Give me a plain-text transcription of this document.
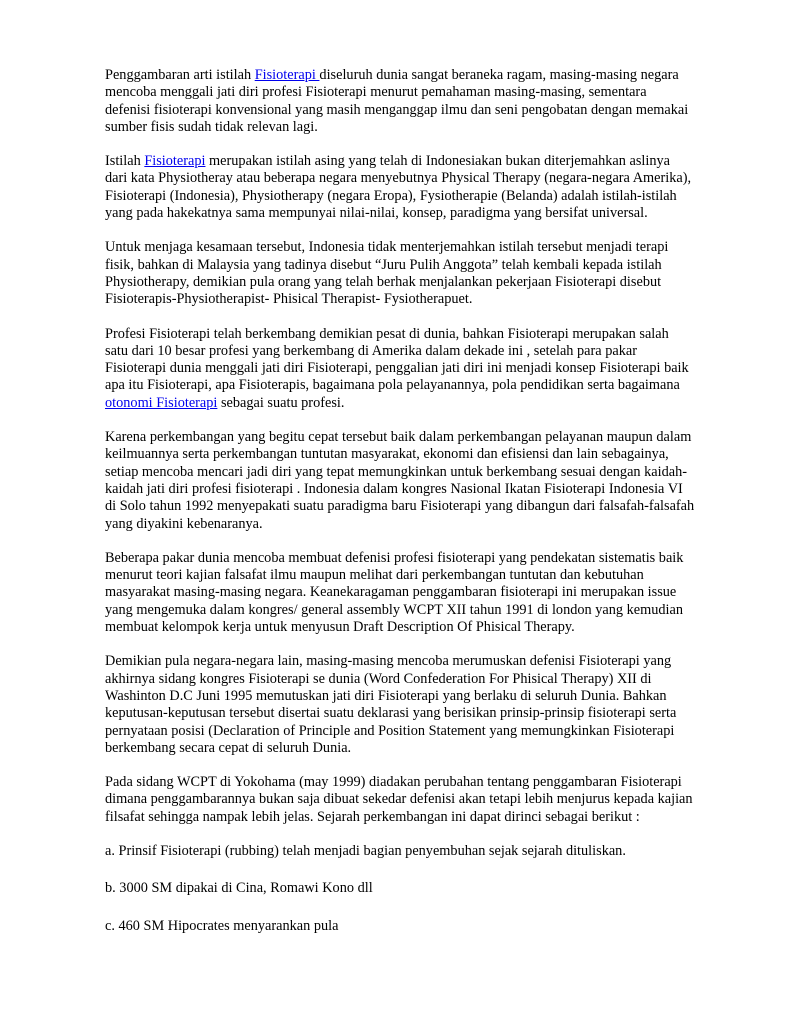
Penggambaran arti istilah Fisioterapi diseluruh dunia sangat beraneka ragam, masing-masing negara mencoba menggali jati diri profesi Fisioterapi menurut pemahaman masing-masing, sementara defenisi fisioterapi konvensional yang masih menganggap ilmu dan seni pengobatan dengan memakai sumber fisis sudah tidak relevan lagi.

Istilah Fisioterapi merupakan istilah asing yang telah di Indonesiakan bukan diterjemahkan aslinya dari kata Physiotheray atau beberapa negara menyebutnya Physical Therapy (negara-negara Amerika), Fisioterapi (Indonesia), Physiotherapy (negara Eropa), Fysiotherapie (Belanda) adalah istilah-istilah yang pada hakekatnya sama mempunyai nilai-nilai, konsep, paradigma yang bersifat universal.

Untuk menjaga kesamaan tersebut, Indonesia tidak menterjemahkan istilah tersebut menjadi terapi fisik, bahkan di Malaysia yang tadinya disebut “Juru Pulih Anggota” telah kembali kepada istilah Physiotherapy, demikian pula orang yang telah berhak menjalankan pekerjaan Fisioterapi disebut Fisioterapis-Physiotherapist- Phisical Therapist- Fysiotherapuet.

Profesi Fisioterapi telah berkembang demikian pesat di dunia, bahkan Fisioterapi merupakan salah satu dari 10 besar profesi yang berkembang di Amerika dalam dekade ini , setelah para pakar Fisioterapi dunia menggali jati diri Fisioterapi, penggalian jati diri ini menjadi konsep Fisioterapi baik apa itu Fisioterapi, apa Fisioterapis, bagaimana pola pelayanannya, pola pendidikan serta bagaimana otonomi Fisioterapi sebagai suatu profesi.

Karena perkembangan yang begitu cepat tersebut baik dalam perkembangan pelayanan maupun dalam keilmuannya serta perkembangan tuntutan masyarakat, ekonomi dan efisiensi dan lain sebagainya, setiap mencoba mencari jadi diri yang tepat memungkinkan untuk berkembang sesuai dengan kaidah-kaidah jati diri profesi fisioterapi . Indonesia dalam kongres Nasional Ikatan Fisioterapi Indonesia VI di Solo tahun 1992 menyepakati suatu paradigma baru Fisioterapi yang dibangun dari falsafah-falsafah yang diyakini kebenaranya.

Beberapa pakar dunia mencoba membuat defenisi profesi fisioterapi yang pendekatan sistematis baik menurut teori kajian falsafat ilmu maupun melihat dari perkembangan tuntutan dan kebutuhan masyarakat masing-masing negara. Keanekaragaman penggambaran fisioterapi ini merupakan issue yang mengemuka dalam kongres/ general assembly WCPT XII tahun 1991 di london yang kemudian membuat kelompok kerja untuk menyusun Draft Description Of Phisical Therapy.

Demikian pula negara-negara lain, masing-masing mencoba merumuskan defenisi Fisioterapi yang akhirnya sidang kongres Fisioterapi se dunia (Word Confederation For Phisical Therapy) XII di Washinton D.C Juni 1995 memutuskan jati diri Fisioterapi yang berlaku di seluruh Dunia. Bahkan keputusan-keputusan tersebut disertai suatu deklarasi yang berisikan prinsip-prinsip fisioterapi serta pernyataan posisi (Declaration of Principle and Position Statement yang memungkinkan Fisioterapi berkembang secara cepat di seluruh Dunia.

Pada sidang WCPT di Yokohama (may 1999) diadakan perubahan tentang penggambaran Fisioterapi dimana penggambarannya bukan saja dibuat sekedar defenisi akan tetapi lebih menjurus kepada kajian filsafat sehingga nampak lebih jelas. Sejarah perkembangan ini dapat dirinci sebagai berikut :

a. Prinsif Fisioterapi (rubbing) telah menjadi bagian penyembuhan sejak sejarah dituliskan.

b. 3000 SM dipakai di Cina, Romawi Kono dll

c. 460 SM Hipocrates menyarankan pula
